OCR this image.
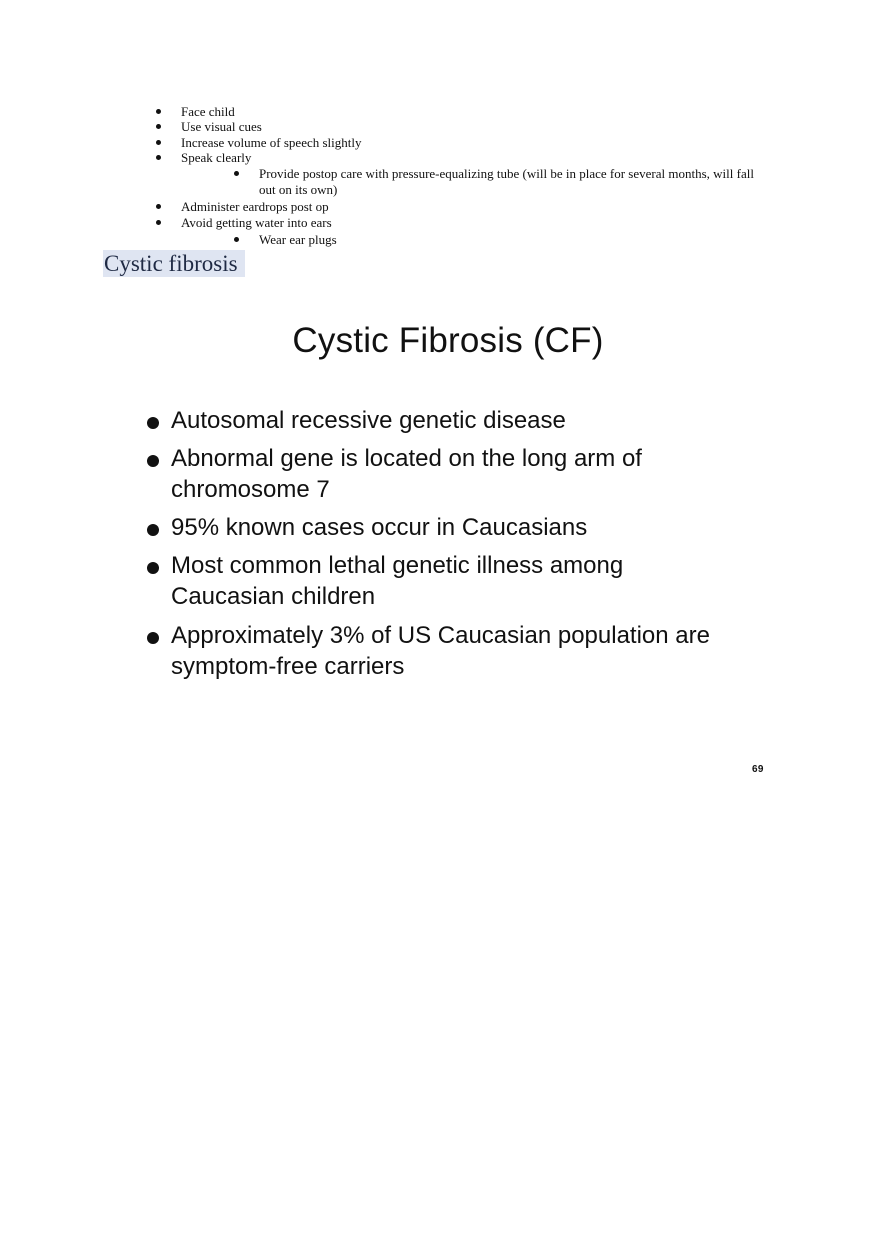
Face child
Use visual cues
Increase volume of speech slightly
Speak clearly
Provide postop care with pressure-equalizing tube (will be in place for several months, will fall out on its own)
Administer eardrops post op
Avoid getting water into ears
Wear ear plugs
Cystic fibrosis
Cystic Fibrosis (CF)
Autosomal recessive genetic disease
Abnormal gene is located on the long arm of chromosome 7
95% known cases occur in Caucasians
Most common lethal genetic illness among Caucasian children
Approximately 3% of US Caucasian population are symptom-free carriers
69
